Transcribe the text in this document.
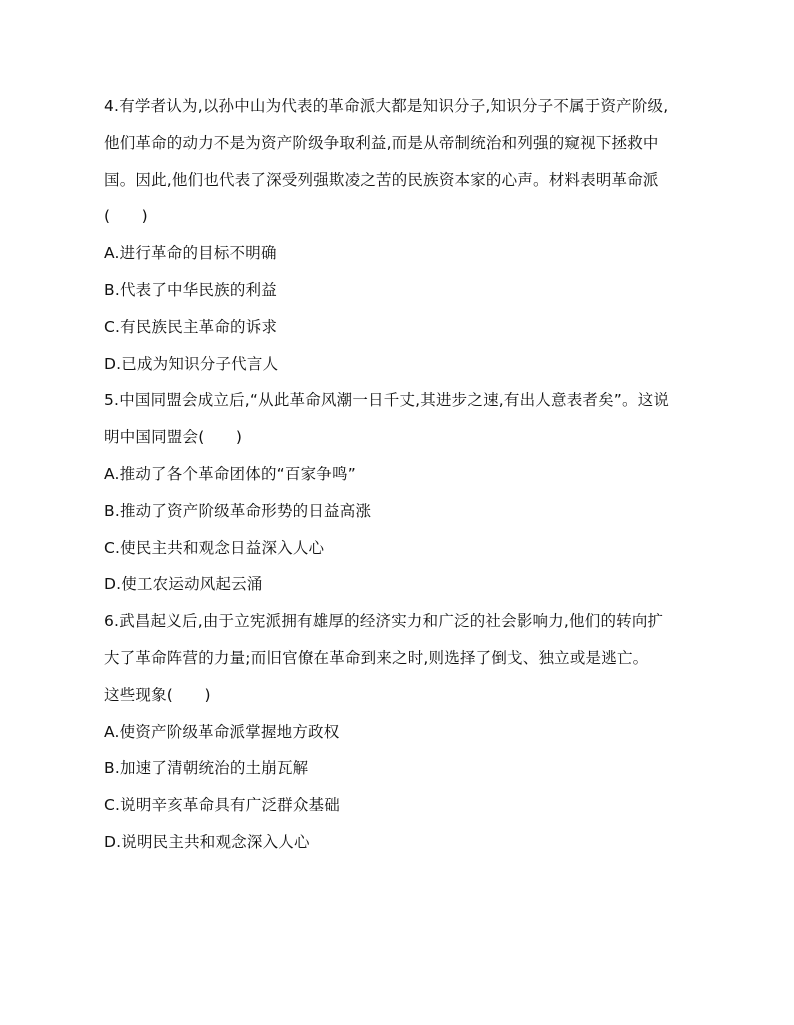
4.有学者认为,以孙中山为代表的革命派大都是知识分子,知识分子不属于资产阶级,
他们革命的动力不是为资产阶级争取利益,而是从帝制统治和列强的窥视下拯救中
国。因此,他们也代表了深受列强欺凌之苦的民族资本家的心声。材料表明革命派
(　　)
A.进行革命的目标不明确
B.代表了中华民族的利益
C.有民族民主革命的诉求
D.已成为知识分子代言人
5.中国同盟会成立后,“从此革命风潮一日千丈,其进步之速,有出人意表者矣”。这说
明中国同盟会(　　)
A.推动了各个革命团体的“百家争鸣”
B.推动了资产阶级革命形势的日益高涨
C.使民主共和观念日益深入人心
D.使工农运动风起云涌
6.武昌起义后,由于立宪派拥有雄厚的经济实力和广泛的社会影响力,他们的转向扩
大了革命阵营的力量;而旧官僚在革命到来之时,则选择了倒戈、独立或是逃亡。
这些现象(　　)
A.使资产阶级革命派掌握地方政权
B.加速了清朝统治的土崩瓦解
C.说明辛亥革命具有广泛群众基础
D.说明民主共和观念深入人心
